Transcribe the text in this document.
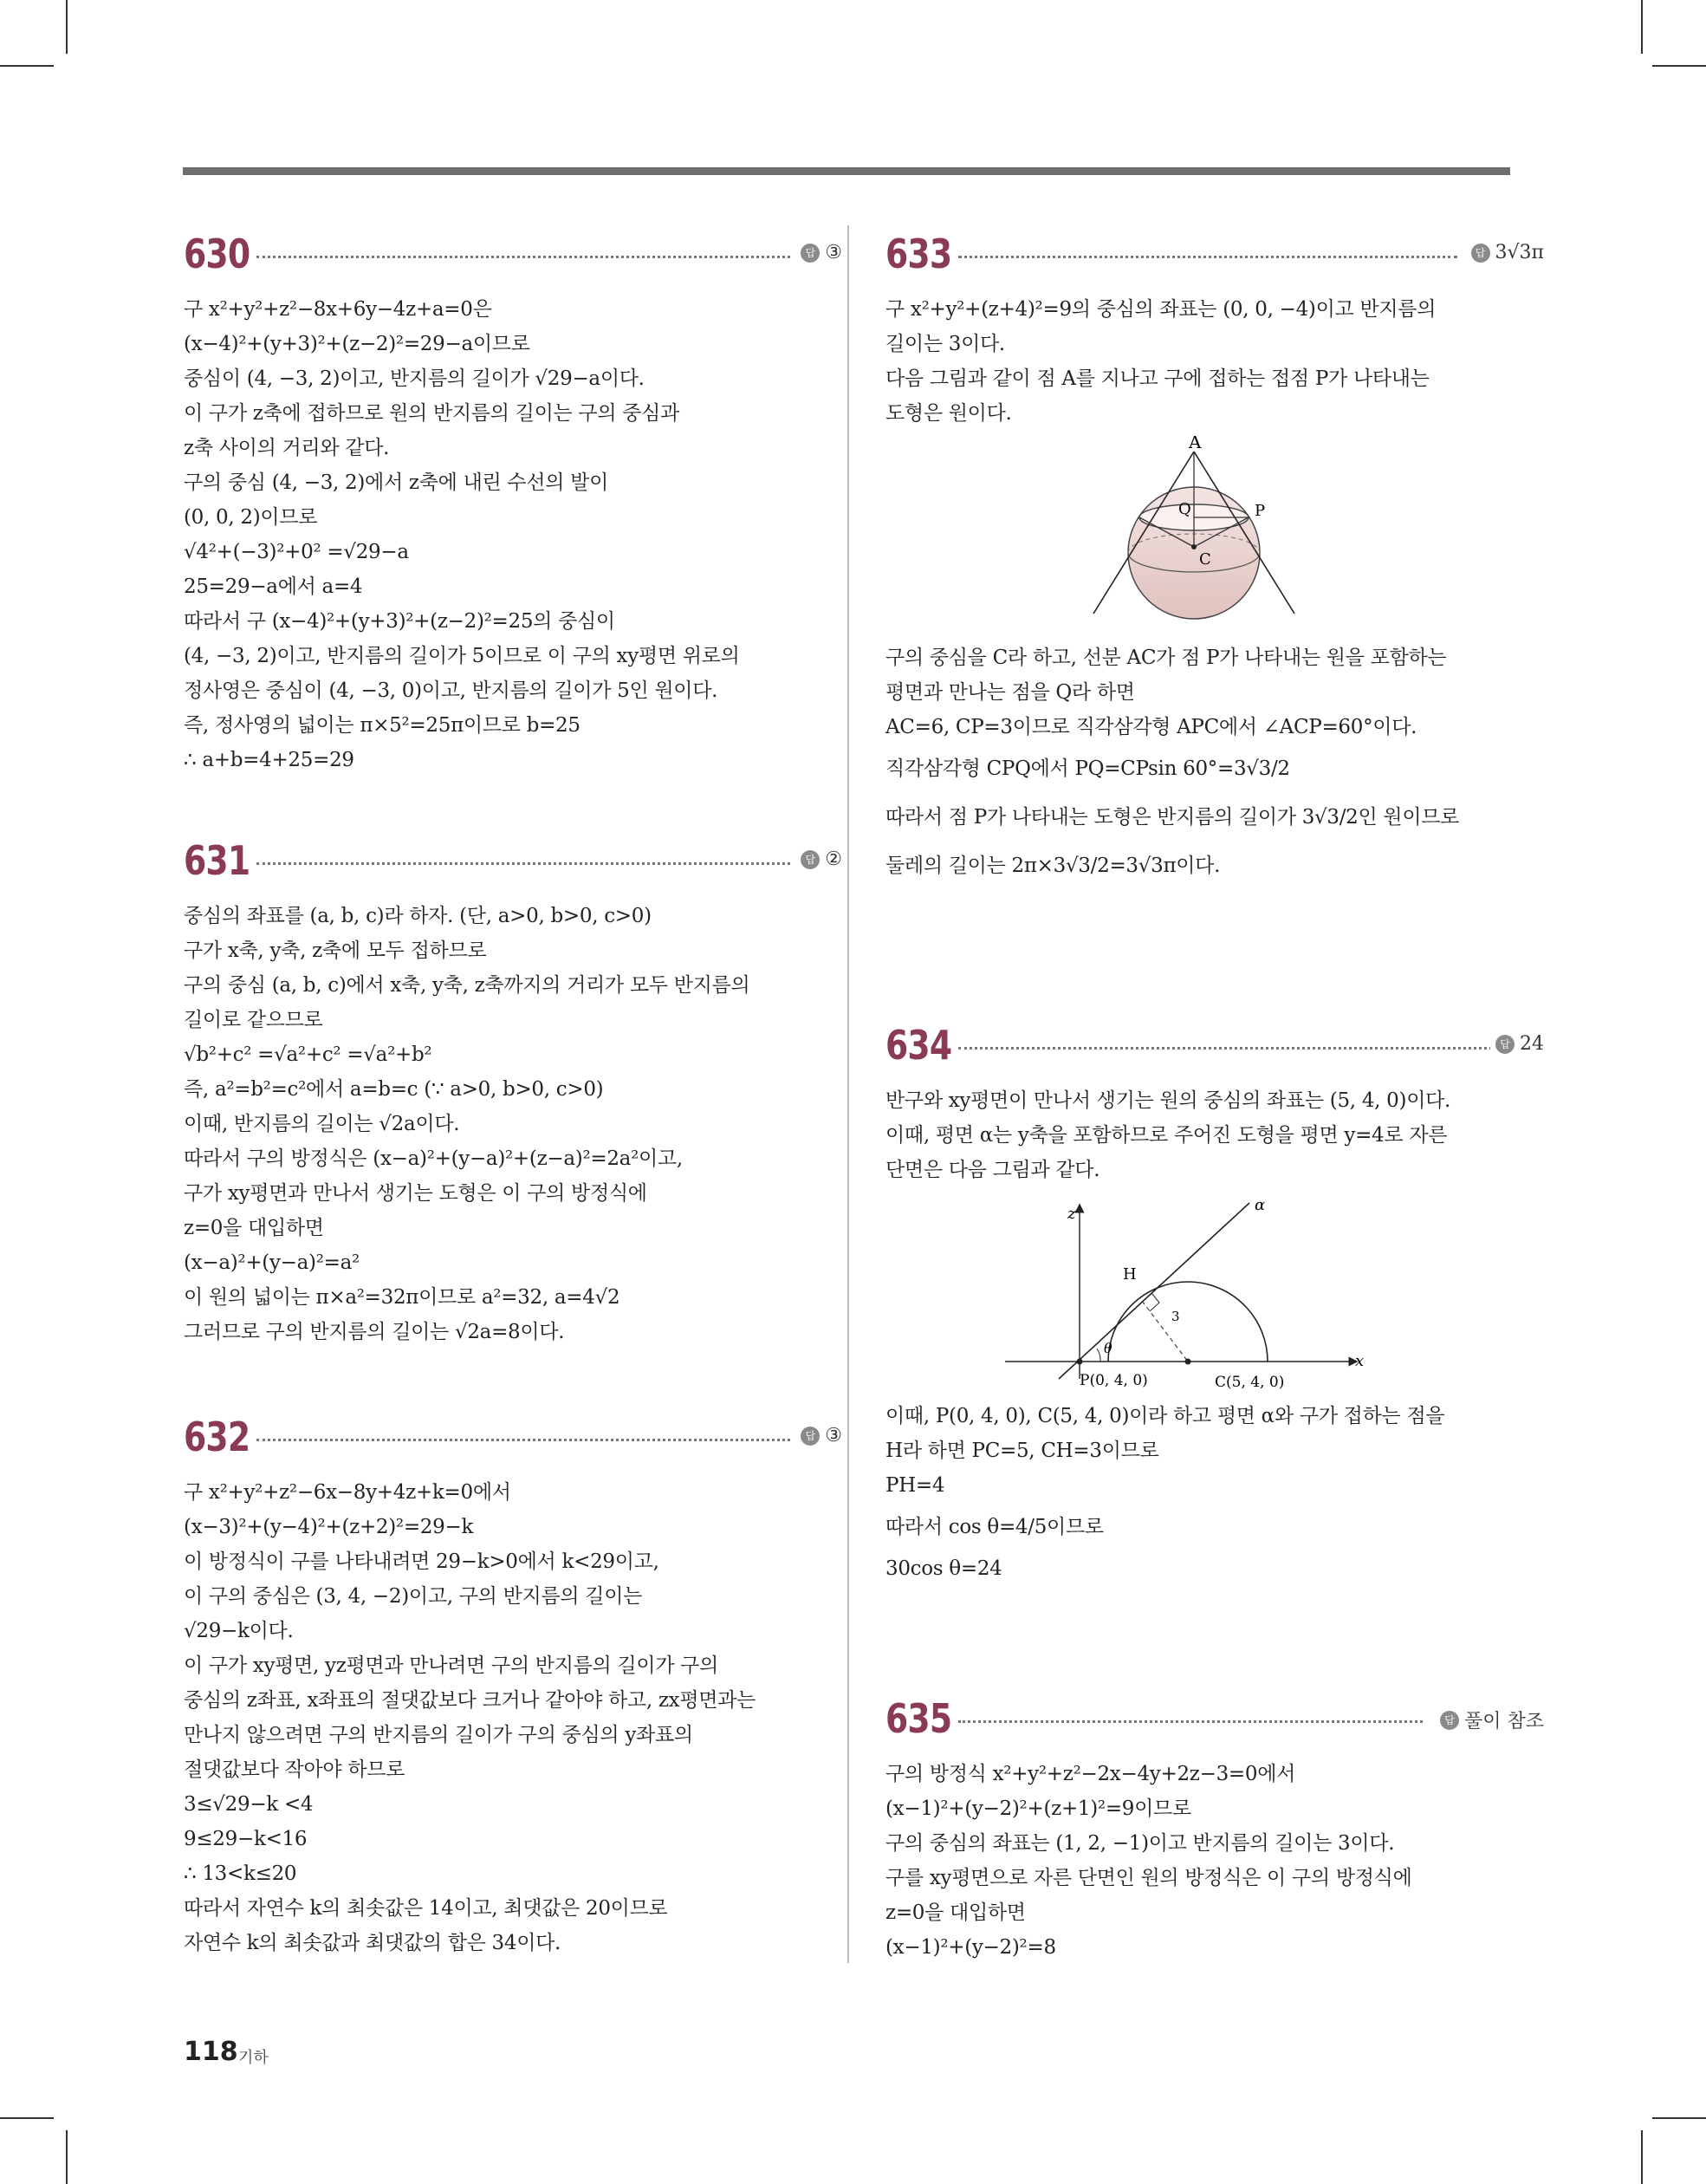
630	답 ③
구 x²+y²+z²−8x+6y−4z+a=0은
(x−4)²+(y+3)²+(z−2)²=29−a이므로
중심이 (4, −3, 2)이고, 반지름의 길이가 √29−a이다.
이 구가 z축에 접하므로 원의 반지름의 길이는 구의 중심과
z축 사이의 거리와 같다.
구의 중심 (4, −3, 2)에서 z축에 내린 수선의 발이
(0, 0, 2)이므로
√4²+(−3)²+0² =√29−a
25=29−a에서 a=4
따라서 구 (x−4)²+(y+3)²+(z−2)²=25의 중심이
(4, −3, 2)이고, 반지름의 길이가 5이므로 이 구의 xy평면 위로의
정사영은 중심이 (4, −3, 0)이고, 반지름의 길이가 5인 원이다.
즉, 정사영의 넓이는 π×5²=25π이므로 b=25
∴ a+b=4+25=29
631	답 ②
중심의 좌표를 (a, b, c)라 하자. (단, a>0, b>0, c>0)
구가 x축, y축, z축에 모두 접하므로
구의 중심 (a, b, c)에서 x축, y축, z축까지의 거리가 모두 반지름의
길이로 같으므로
√b²+c² =√a²+c² =√a²+b²
즉, a²=b²=c²에서 a=b=c (∵ a>0, b>0, c>0)
이때, 반지름의 길이는 √2a이다.
따라서 구의 방정식은 (x−a)²+(y−a)²+(z−a)²=2a²이고,
구가 xy평면과 만나서 생기는 도형은 이 구의 방정식에
z=0을 대입하면
(x−a)²+(y−a)²=a²
이 원의 넓이는 π×a²=32π이므로 a²=32, a=4√2
그러므로 구의 반지름의 길이는 √2a=8이다.
632	답 ③
구 x²+y²+z²−6x−8y+4z+k=0에서
(x−3)²+(y−4)²+(z+2)²=29−k
이 방정식이 구를 나타내려면 29−k>0에서 k<29이고,
이 구의 중심은 (3, 4, −2)이고, 구의 반지름의 길이는
√29−k이다.
이 구가 xy평면, yz평면과 만나려면 구의 반지름의 길이가 구의
중심의 z좌표, x좌표의 절댓값보다 크거나 같아야 하고, zx평면과는
만나지 않으려면 구의 반지름의 길이가 구의 중심의 y좌표의
절댓값보다 작아야 하므로
3≤√29−k <4
9≤29−k<16
∴ 13<k≤20
따라서 자연수 k의 최솟값은 14이고, 최댓값은 20이므로
자연수 k의 최솟값과 최댓값의 합은 34이다.
633	답 3√3π
구 x²+y²+(z+4)²=9의 중심의 좌표는 (0, 0, −4)이고 반지름의
길이는 3이다.
다음 그림과 같이 점 A를 지나고 구에 접하는 접점 P가 나타내는
도형은 원이다.
A
Q	P
C
구의 중심을 C라 하고, 선분 AC가 점 P가 나타내는 원을 포함하는
평면과 만나는 점을 Q라 하면
AC=6, CP=3이므로 직각삼각형 APC에서 ∠ACP=60°이다.
직각삼각형 CPQ에서 PQ=CPsin 60°=3√3/2
따라서 점 P가 나타내는 도형은 반지름의 길이가 3√3/2인 원이므로
둘레의 길이는 2π×3√3/2=3√3π이다.
634	답 24
반구와 xy평면이 만나서 생기는 원의 중심의 좌표는 (5, 4, 0)이다.
이때, 평면 α는 y축을 포함하므로 주어진 도형을 평면 y=4로 자른
단면은 다음 그림과 같다.
z	α
H
3
θ
x
P(0, 4, 0)	C(5, 4, 0)
이때, P(0, 4, 0), C(5, 4, 0)이라 하고 평면 α와 구가 접하는 점을
H라 하면 PC=5, CH=3이므로
PH=4
따라서 cos θ=4/5이므로
30cos θ=24
635	답 풀이 참조
구의 방정식 x²+y²+z²−2x−4y+2z−3=0에서
(x−1)²+(y−2)²+(z+1)²=9이므로
구의 중심의 좌표는 (1, 2, −1)이고 반지름의 길이는 3이다.
구를 xy평면으로 자른 단면인 원의 방정식은 이 구의 방정식에
z=0을 대입하면
(x−1)²+(y−2)²=8
118 기하
